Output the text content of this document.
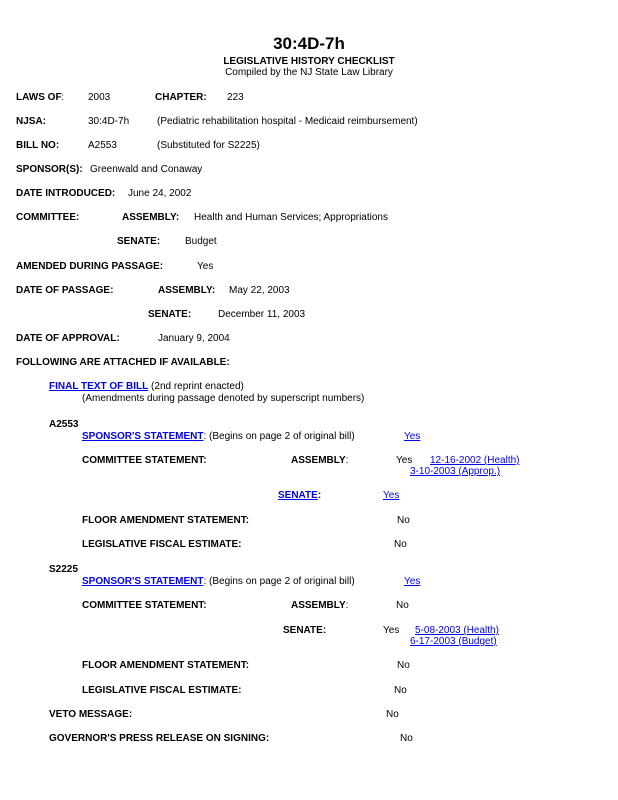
30:4D-7h
LEGISLATIVE HISTORY CHECKLIST
Compiled by the NJ State Law Library
LAWS OF : 2003	CHAPTER: 223
NJSA:	30:4D-7h	(Pediatric rehabilitation hospital - Medicaid reimbursement)
BILL NO:	A2553	(Substituted for S2225)
SPONSOR(S): Greenwald and Conaway
DATE INTRODUCED: June 24, 2002
COMMITTEE:	ASSEMBLY: Health and Human Services; Appropriations
SENATE: Budget
AMENDED DURING PASSAGE:	Yes
DATE OF PASSAGE:	ASSEMBLY: May 22, 2003
SENATE:	December 11, 2003
DATE OF APPROVAL:	January 9, 2004
FOLLOWING ARE ATTACHED IF AVAILABLE:
FINAL TEXT OF BILL (2nd reprint enacted)
(Amendments during passage denoted by superscript numbers)
A2553
SPONSOR'S STATEMENT: (Begins on page 2 of original bill)	Yes
COMMITTEE STATEMENT:	ASSEMBLY:	Yes 12-16-2002 (Health)
3-10-2003 (Approp.)
SENATE:	Yes
FLOOR AMENDMENT STATEMENT:	No
LEGISLATIVE FISCAL ESTIMATE:	No
S2225
SPONSOR'S STATEMENT: (Begins on page 2 of original bill)	Yes
COMMITTEE STATEMENT:	ASSEMBLY:	No
SENATE:	Yes 5-08-2003 (Health)
6-17-2003 (Budget)
FLOOR AMENDMENT STATEMENT:	No
LEGISLATIVE FISCAL ESTIMATE:	No
VETO MESSAGE:	No
GOVERNOR'S PRESS RELEASE ON SIGNING:	No
